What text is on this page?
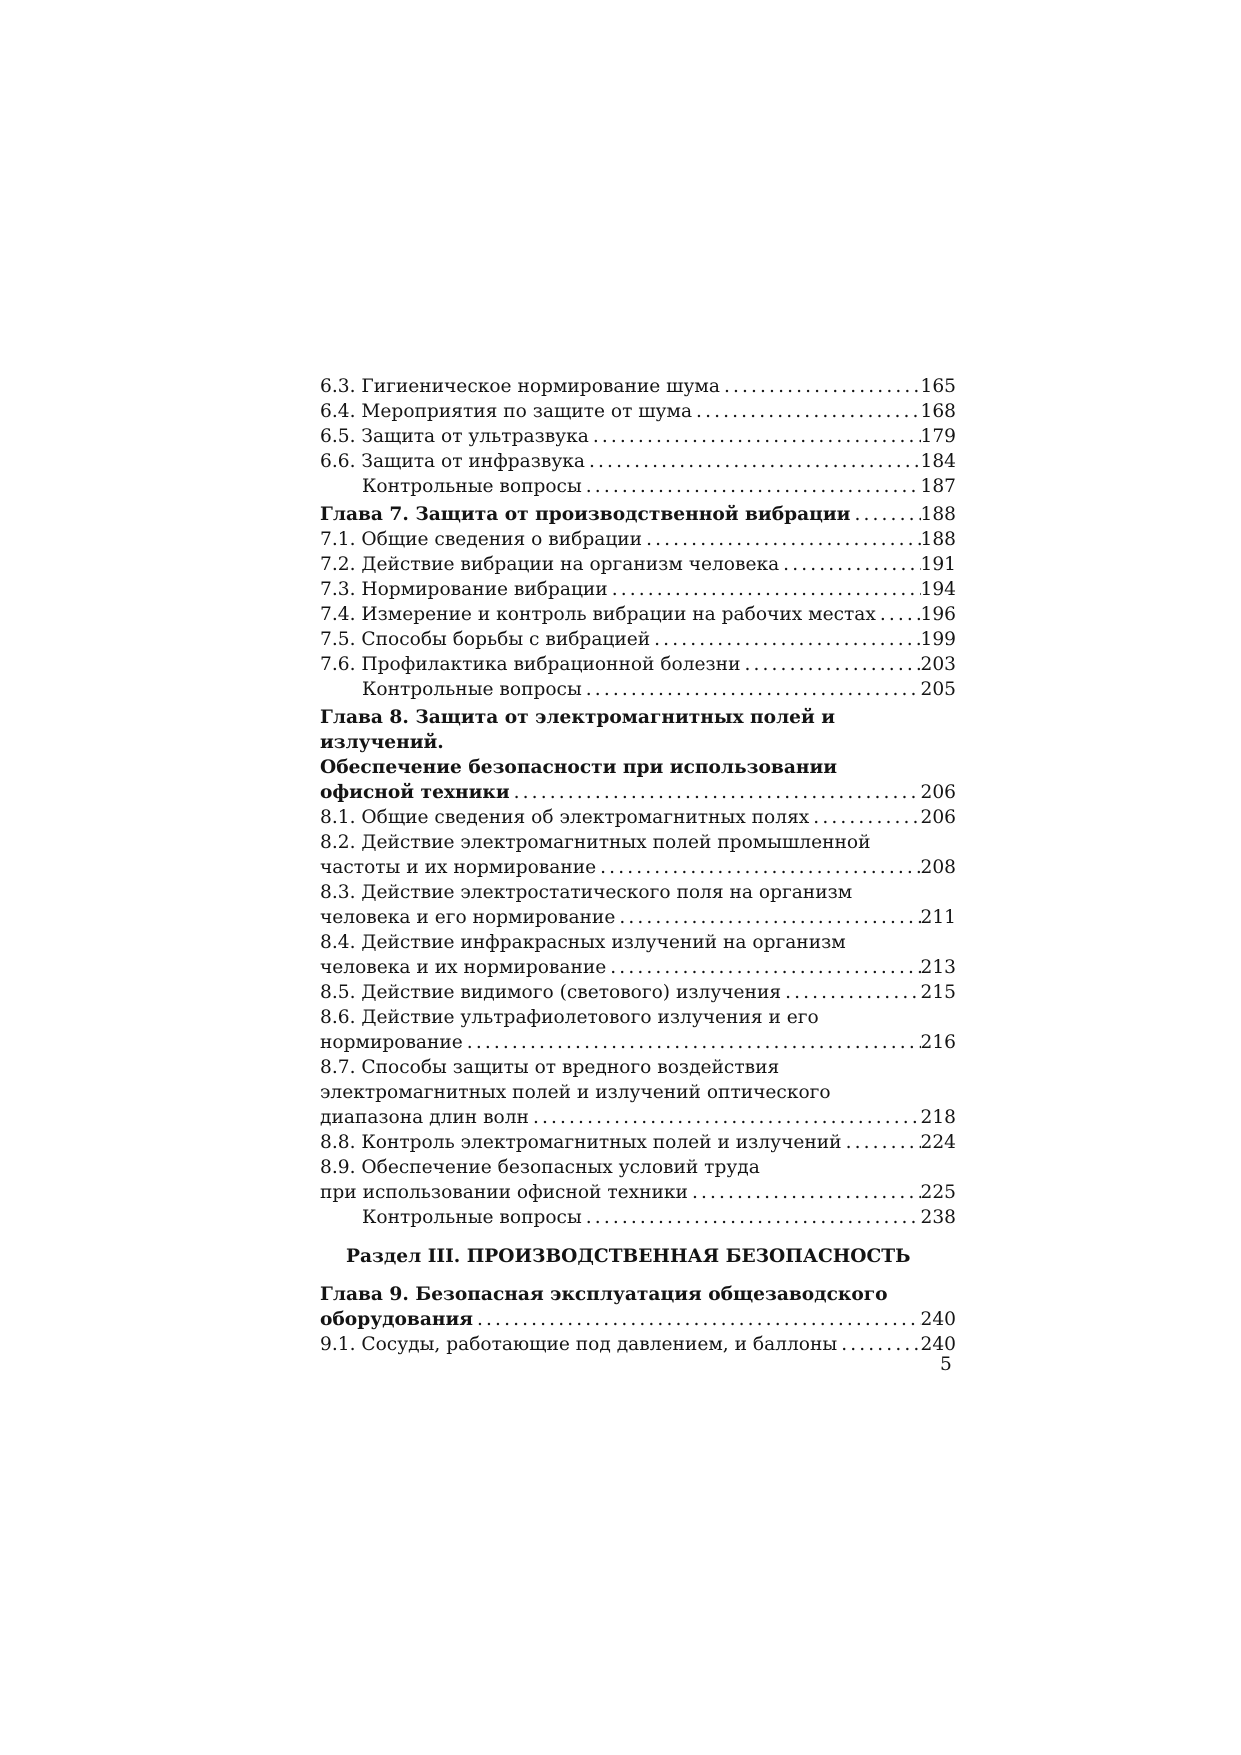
6.3. Гигиеническое нормирование шума . . .	165
6.4. Мероприятия по защите от шума . . .	168
6.5. Защита от ультразвука . . .	179
6.6. Защита от инфразвука . . .	184
Контрольные вопросы . . .	187
Глава 7. Защита от производственной вибрации . . .	188
7.1. Общие сведения о вибрации . . .	188
7.2. Действие вибрации на организм человека . . .	191
7.3. Нормирование вибрации . . .	194
7.4. Измерение и контроль вибрации на рабочих местах . . . 196
7.5. Способы борьбы с вибрацией . . .	199
7.6. Профилактика вибрационной болезни . . .	203
Контрольные вопросы . . .	205
Глава 8. Защита от электромагнитных полей и излучений.
Обеспечение безопасности при использовании
офисной техники . . .	206
8.1. Общие сведения об электромагнитных полях . . .	206
8.2. Действие электромагнитных полей промышленной
частоты и их нормирование . . .	208
8.3. Действие электростатического поля на организм
человека и его нормирование . . .	211
8.4. Действие инфракрасных излучений на организм
человека и их нормирование . . .	213
8.5. Действие видимого (светового) излучения . . .	215
8.6. Действие ультрафиолетового излучения и его
нормирование . . .	216
8.7. Способы защиты от вредного воздействия
электромагнитных полей и излучений оптического
диапазона длин волн . . .	218
8.8. Контроль электромагнитных полей и излучений . . .	224
8.9. Обеспечение безопасных условий труда
при использовании офисной техники . . .	225
Контрольные вопросы . . .	238
Раздел III. ПРОИЗВОДСТВЕННАЯ БЕЗОПАСНОСТЬ
Глава 9. Безопасная эксплуатация общезаводского
оборудования . . .	240
9.1. Сосуды, работающие под давлением, и баллоны . . .	240
5
